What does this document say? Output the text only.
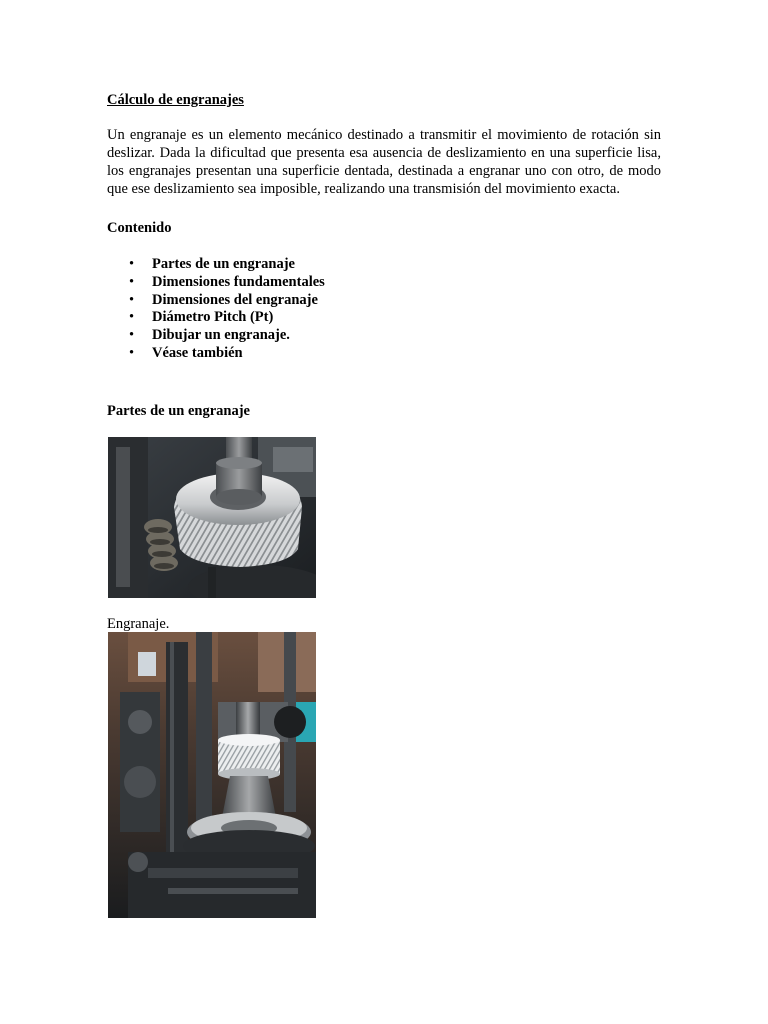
Cálculo de engranajes

Un engranaje es un elemento mecánico destinado a transmitir el movimiento de rotación sin deslizar. Dada la dificultad que presenta esa ausencia de deslizamiento en una superficie lisa, los engranajes presentan una superficie dentada, destinada a engranar uno con otro, de modo que ese deslizamiento sea imposible, realizando una transmisión del movimiento exacta.

Contenido

• Partes de un engranaje
• Dimensiones fundamentales
• Dimensiones del engranaje
• Diámetro Pitch (Pt)
• Dibujar un engranaje.
• Véase también

Partes de un engranaje

Engranaje.
